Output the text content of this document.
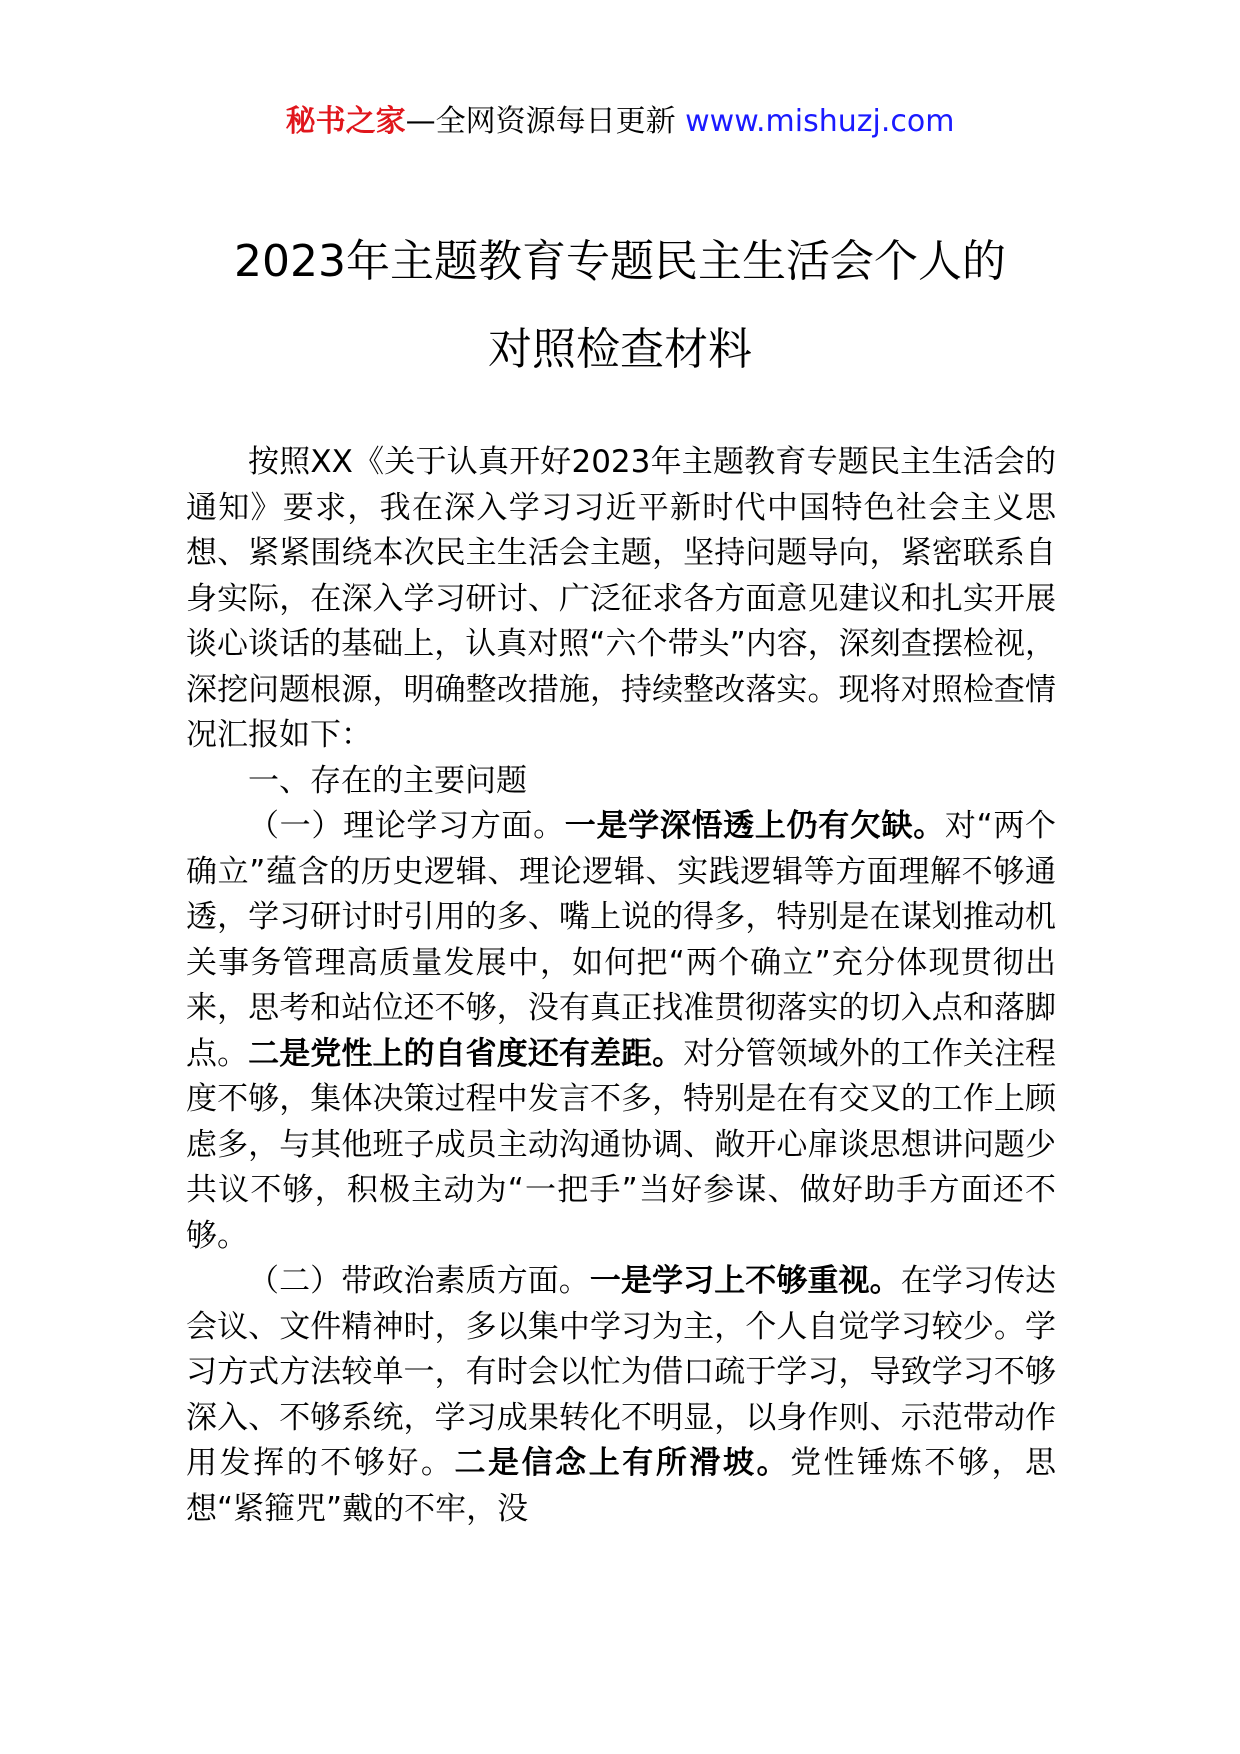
秘书之家—全网资源每日更新 www.mishuzj.com
2023年主题教育专题民主生活会个人的
对照检查材料

按照XX《关于认真开好2023年主题教育专题民主生活会的通知》要求，我在深入学习习近平新时代中国特色社会主义思想、紧紧围绕本次民主生活会主题，坚持问题导向，紧密联系自身实际，在深入学习研讨、广泛征求各方面意见建议和扎实开展谈心谈话的基础上，认真对照“六个带头”内容，深刻查摆检视，深挖问题根源，明确整改措施，持续整改落实。现将对照检查情况汇报如下：

一、存在的主要问题

（一）理论学习方面。一是学深悟透上仍有欠缺。对“两个确立”蕴含的历史逻辑、理论逻辑、实践逻辑等方面理解不够通透，学习研讨时引用的多、嘴上说的得多，特别是在谋划推动机关事务管理高质量发展中，如何把“两个确立”充分体现贯彻出来，思考和站位还不够，没有真正找准贯彻落实的切入点和落脚点。二是党性上的自省度还有差距。对分管领域外的工作关注程度不够，集体决策过程中发言不多，特别是在有交叉的工作上顾虑多，与其他班子成员主动沟通协调、敞开心扉谈思想讲问题少共议不够，积极主动为“一把手”当好参谋、做好助手方面还不够。

（二）带政治素质方面。一是学习上不够重视。在学习传达会议、文件精神时，多以集中学习为主，个人自觉学习较少。学习方式方法较单一，有时会以忙为借口疏于学习，导致学习不够深入、不够系统，学习成果转化不明显，以身作则、示范带动作用发挥的不够好。二是信念上有所滑坡。党性锤炼不够，思想“紧箍咒”戴的不牢，没
